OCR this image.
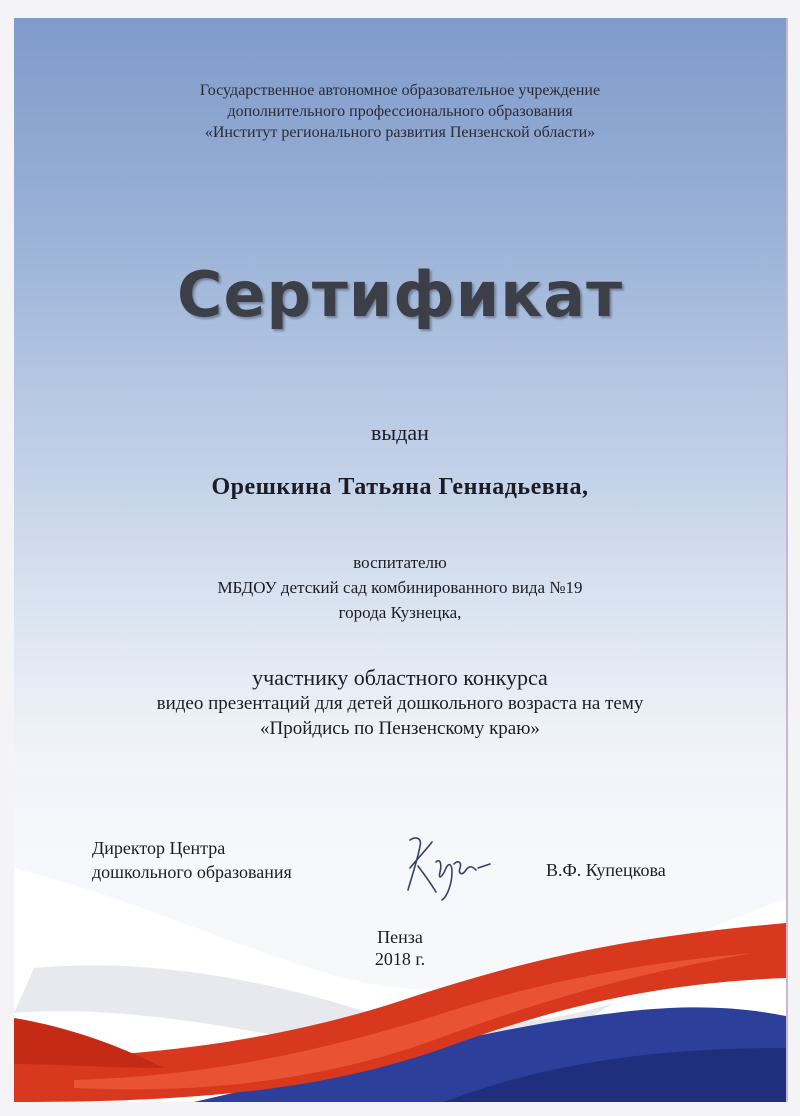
Государственное автономное образовательное учреждение
дополнительного профессионального образования
«Институт регионального развития Пензенской области»
Сертификат
выдан
Орешкина Татьяна Геннадьевна,
воспитателю
МБДОУ детский сад комбинированного вида №19
города Кузнецка,
участнику областного конкурса
видео презентаций для детей дошкольного возраста на тему
«Пройдись по Пензенскому краю»
Директор Центра
дошкольного образования	В.Ф. Купецкова
Пенза
2018 г.
